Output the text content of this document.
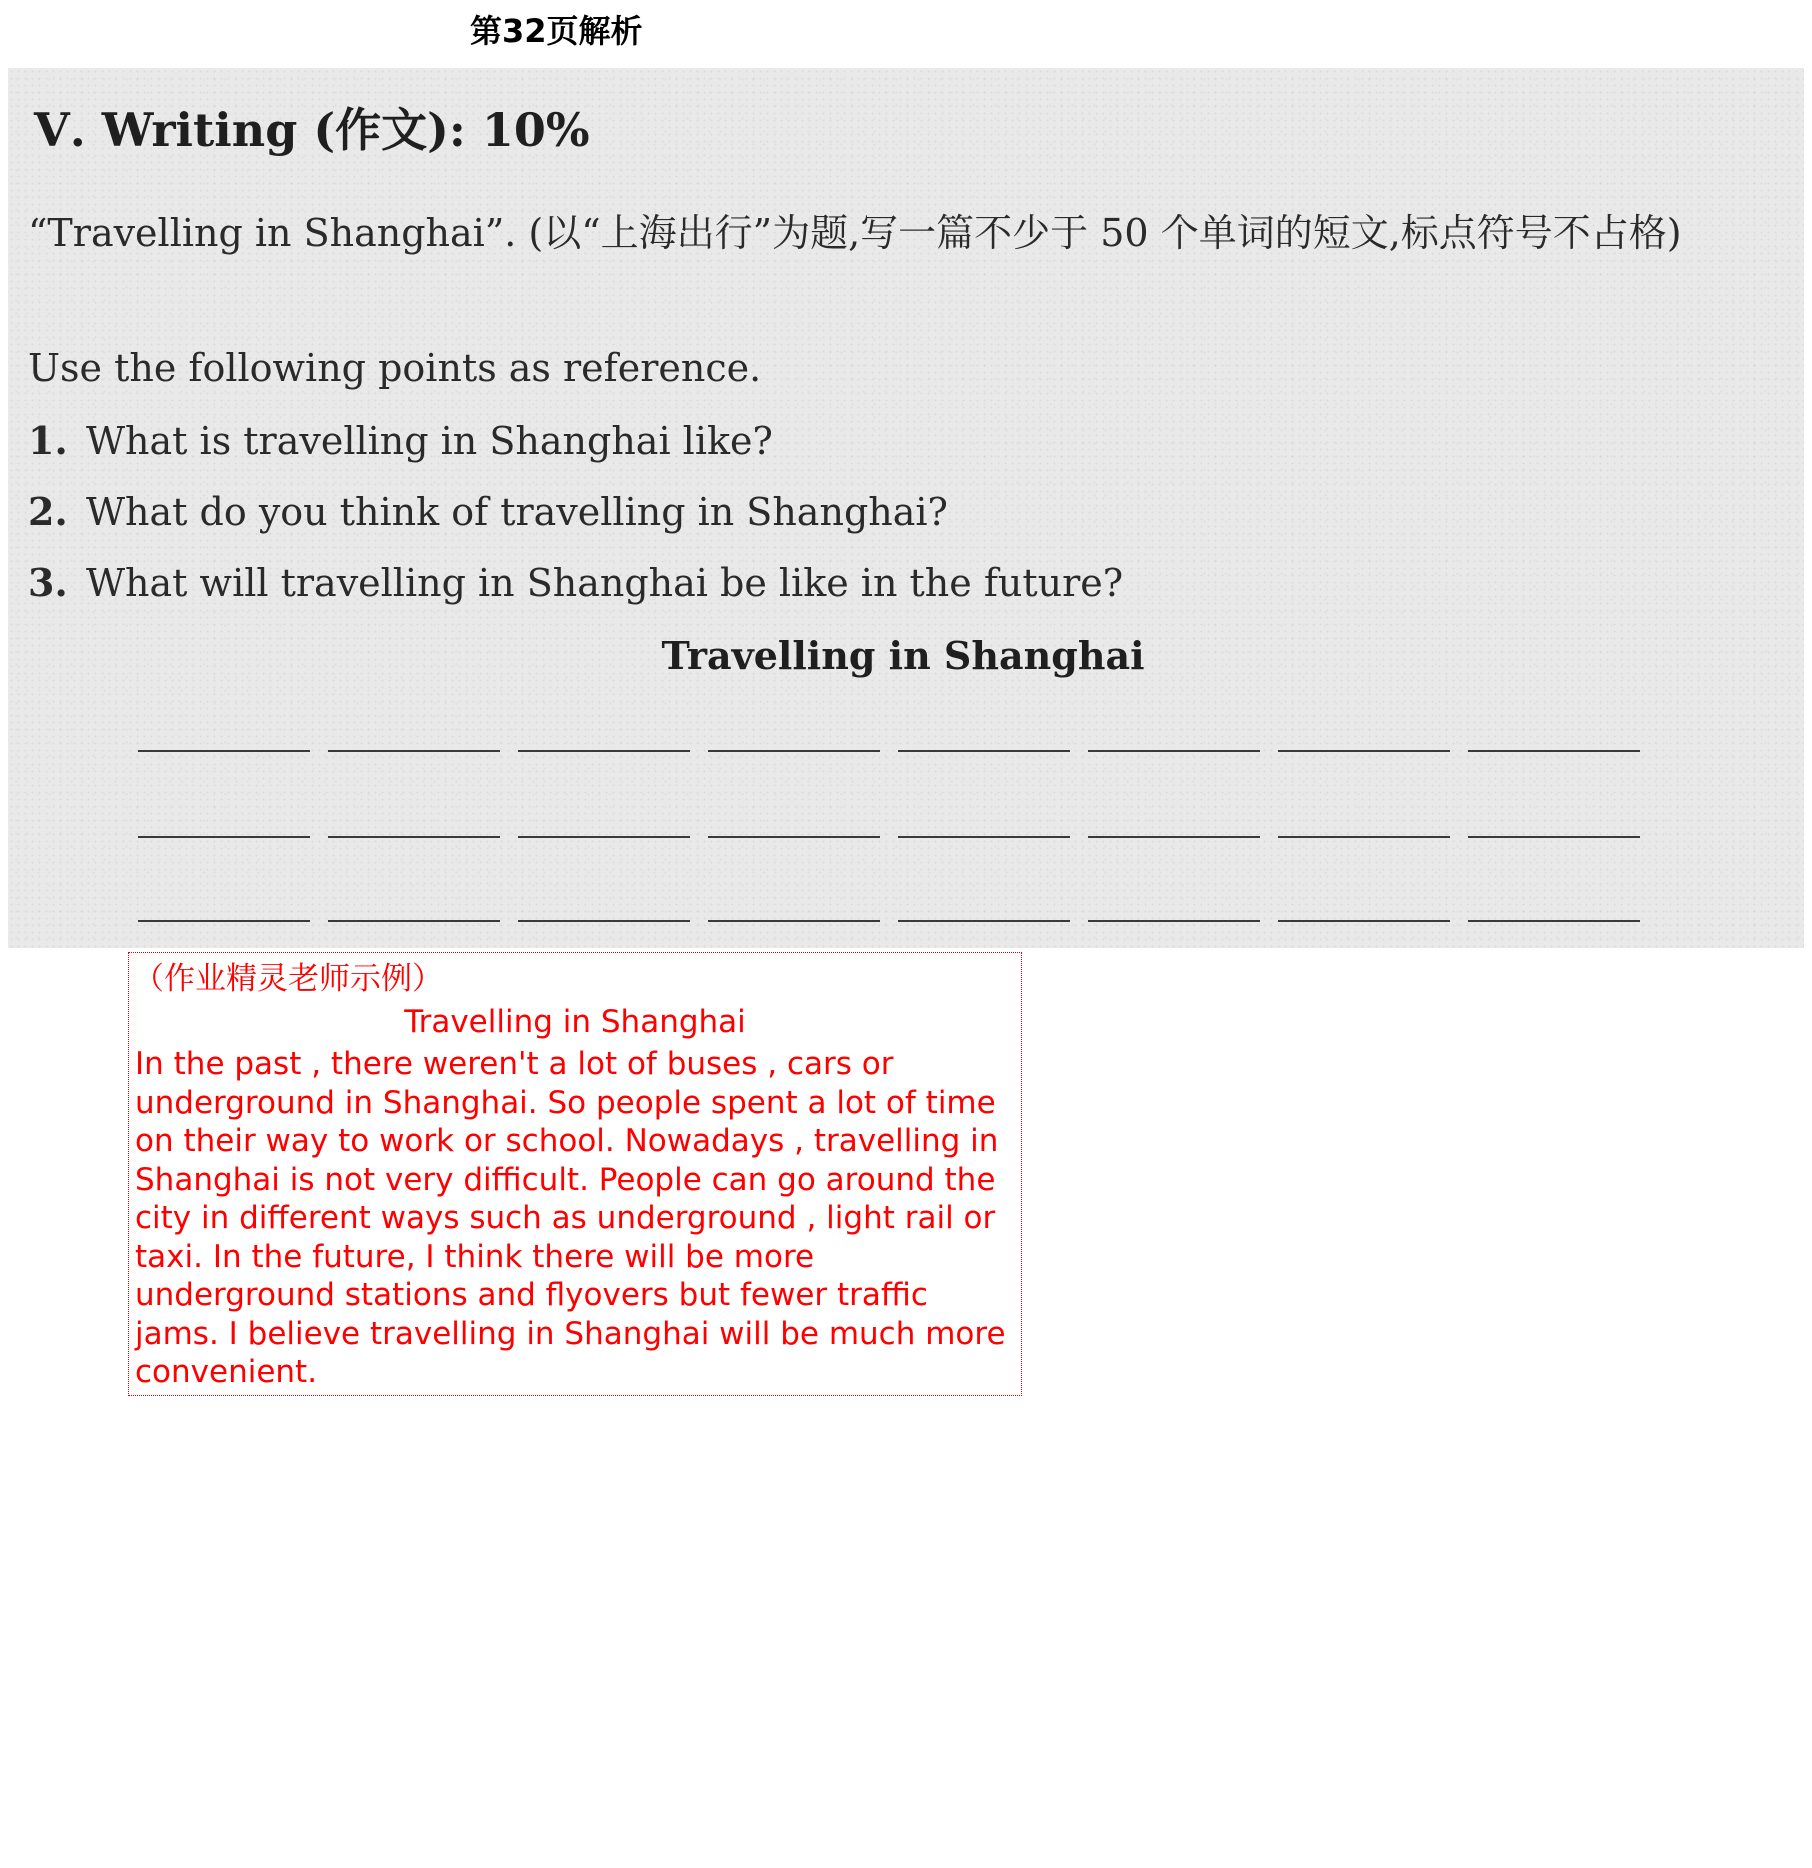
第32页解析
Ⅴ. Writing (作文): 10%
“Travelling in Shanghai”. (以“上海出行”为题,写一篇不少于 50 个单词的短文,标点符号不占格)
Use the following points as reference.
1. What is travelling in Shanghai like?
2. What do you think of travelling in Shanghai?
3. What will travelling in Shanghai be like in the future?
Travelling in Shanghai
（作业精灵老师示例）
Travelling in Shanghai
In the past , there weren't a lot of buses , cars or underground in Shanghai. So people spent a lot of time on their way to work or school. Nowadays , travelling in Shanghai is not very difficult. People can go around the city in different ways such as underground , light rail or taxi. In the future, I think there will be more underground stations and flyovers but fewer traffic jams. I believe travelling in Shanghai will be much more convenient.
